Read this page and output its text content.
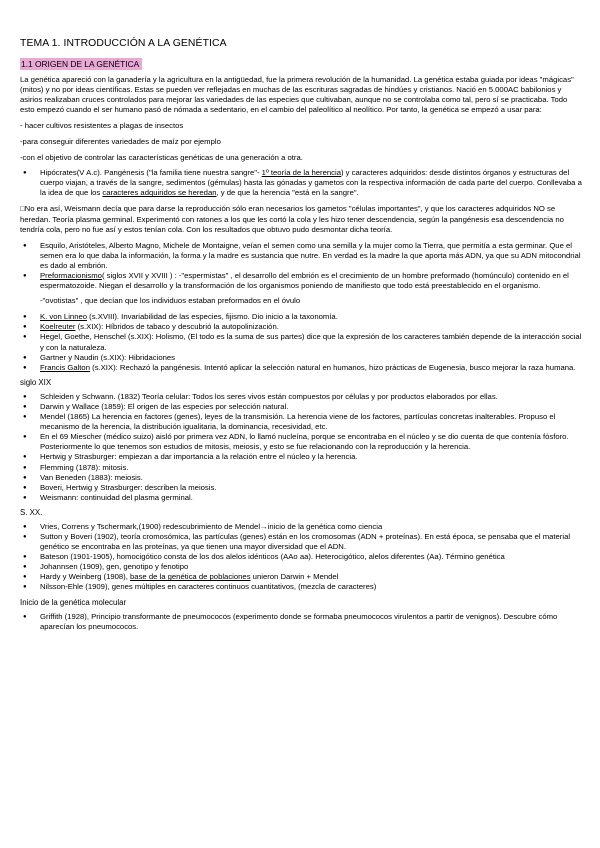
TEMA 1. INTRODUCCIÓN A LA GENÉTICA
1.1 ORIGEN DE LA GENÉTICA

La genética apareció con la ganadería y la agricultura en la antigüedad, fue la primera revolución de la humanidad. La genética estaba guiada por ideas "mágicas" (mitos) y no por ideas científicas. Estas se pueden ver reflejadas en muchas de las escrituras sagradas de hindúes y cristianos. Nació en 5.000AC babilonios y asirios realizaban cruces controlados para mejorar las variedades de las especies que cultivaban, aunque no se controlaba como tal, pero sí se practicaba. Todo esto empezó cuando el ser humano pasó de nómada a sedentario, en el cambio del paleolítico al neolítico. Por tanto, la genética se empezó a usar para:

- hacer cultivos resistentes a plagas de insectos

-para conseguir diferentes variedades de maíz por ejemplo

-con el objetivo de controlar las características genéticas de una generación a otra.

● Hipócrates(V A.c). Pangénesis ("la familia tiene nuestra sangre"- 1º teoría de la herencia) y caracteres adquiridos: desde distintos órganos y estructuras del cuerpo viajan, a través de la sangre, sedimentos (gémulas) hasta las gónadas y gametos con la respectiva información de cada parte del cuerpo. Conllevaba a la idea de que los caracteres adquiridos se heredan, y de que la herencia "está en la sangre".

□No era así, Weismann decía que para darse la reproducción sólo eran necesarios los gametos "células importantes", y que los caracteres adquiridos NO se heredan. Teoría plasma germinal. Experimentó con ratones a los que les cortó la cola y les hizo tener descendencia, según la pangénesis esa descendencia no tendría cola, pero no fue así y estos tenían cola. Con los resultados que obtuvo pudo desmontar dicha teoría.

● Esquilo, Aristóteles, Alberto Magno, Michele de Montaigne, veían el semen como una semilla y la mujer como la Tierra, que permitía a esta germinar. Que el semen era lo que daba la información, la forma y la madre es sustancia que nutre. En verdad es la madre la que aporta más ADN, ya que su ADN mitocondrial es dado al embrión.
● Preformacionismo( siglos XVII y XVIII ) : -"espermistas" , el desarrollo del embrión es el crecimiento de un hombre preformado (homúnculo) contenido en el espermatozoide. Niegan el desarrollo y la transformación de los organismos poniendo de manifiesto que todo está preestablecido en el organismo.

-"ovotistas" , que decían que los individuos estaban preformados en el óvulo

● K. von Linneo (s.XVIII). Invariabilidad de las especies, fijismo. Dio inicio a la taxonomía.
● Koelreuter (s.XIX): Híbridos de tabaco y descubrió la autopolinización.
● Hegel, Goethe, Henschel (s.XIX): Holismo, (El todo es la suma de sus partes) dice que la expresión de los caracteres también depende de la interacción social y con la naturaleza.
● Gartner y Naudin (s.XIX): Hibridaciones
● Francis Galton (s.XIX): Rechazó la pangénesis. Intentó aplicar la selección natural en humanos, hizo prácticas de Eugenesia, busco mejorar la raza humana.
siglo XIX
● Schleiden y Schwann. (1832) Teoría celular: Todos los seres vivos están compuestos por células y por productos elaborados por ellas.
● Darwin y Wallace (1859): El origen de las especies por selección natural.
● Mendel (1865) La herencia en factores (genes), leyes de la transmisión. La herencia viene de los factores, partículas concretas inalterables. Propuso el mecanismo de la herencia, la distribución igualitaria, la dominancia, recesividad, etc.
● En el 69 Miescher (médico suizo) aisló por primera vez ADN, lo llamó nucleína, porque se encontraba en el núcleo y se dio cuenta de que contenía fósforo. Posteriormente lo que tenemos son estudios de mitosis, meiosis, y esto se fue relacionando con la reproducción y la herencia.
● Hertwig y Strasburger: empiezan a dar importancia a la relación entre el núcleo y la herencia.
● Flemming (1878): mitosis.
● Van Beneden (1883): meiosis.
● Boveri, Hertwig y Strasburger: describen la meiosis.
● Weismann: continuidad del plasma germinal.
S. XX.
● Vries, Correns y Tschermark,(1900) redescubrimiento de Mendel→inicio de la genética como ciencia
● Sutton y Boveri (1902), teoría cromosómica, las partículas (genes) están en los cromosomas (ADN + proteínas). En está época, se pensaba que el material genético se encontraba en las proteínas, ya que tienen una mayor diversidad que el ADN.
● Bateson (1901-1905), homocigótico consta de los dos alelos idénticos (AAo aa). Heterocigótico, alelos diferentes (Aa). Término genética
● Johannsen (1909), gen, genotipo y fenotipo
● Hardy y Weinberg (1908), base de la genética de poblaciones unieron Darwin + Mendel
● Nilsson-Ehle (1909), genes múltiples en caracteres continuos cuantitativos, (mezcla de caracteres)
Inicio de la genética molecular
● Griffith (1928), Principio transformante de pneumococos (experimento donde se formaba pneumococos virulentos a partir de venignos). Descubre cómo aparecían los pneumococos.
